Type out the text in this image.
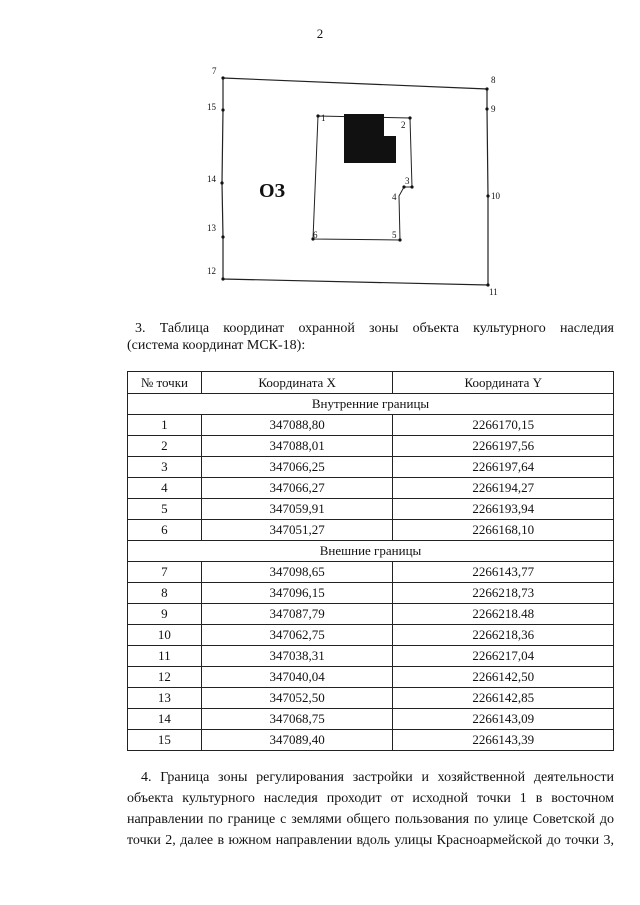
2
ОЗ
1
2
3
4
5
6
7
8
9
10
11
12
13
14
15

3. Таблица координат охранной зоны объекта культурного наследия

(система координат МСК-18):

№ точки	Координата X	Координата Y
Внутренние границы		
1	347088,80	2266170,15
2	347088,01	2266197,56
3	347066,25	2266197,64
4	347066,27	2266194,27
5	347059,91	2266193,94
6	347051,27	2266168,10
Внешние границы		
7	347098,65	2266143,77
8	347096,15	2266218,73
9	347087,79	2266218.48
10	347062,75	2266218,36
11	347038,31	2266217,04
12	347040,04	2266142,50
13	347052,50	2266142,85
14	347068,75	2266143,09
15	347089,40	2266143,39

4. Граница зоны регулирования застройки и хозяйственной деятельности

объекта культурного наследия проходит от исходной точки 1 в восточном

направлении по границе с землями общего пользования по улице Советской до

точки 2, далее в южном направлении вдоль улицы Красноармейской до точки 3,
